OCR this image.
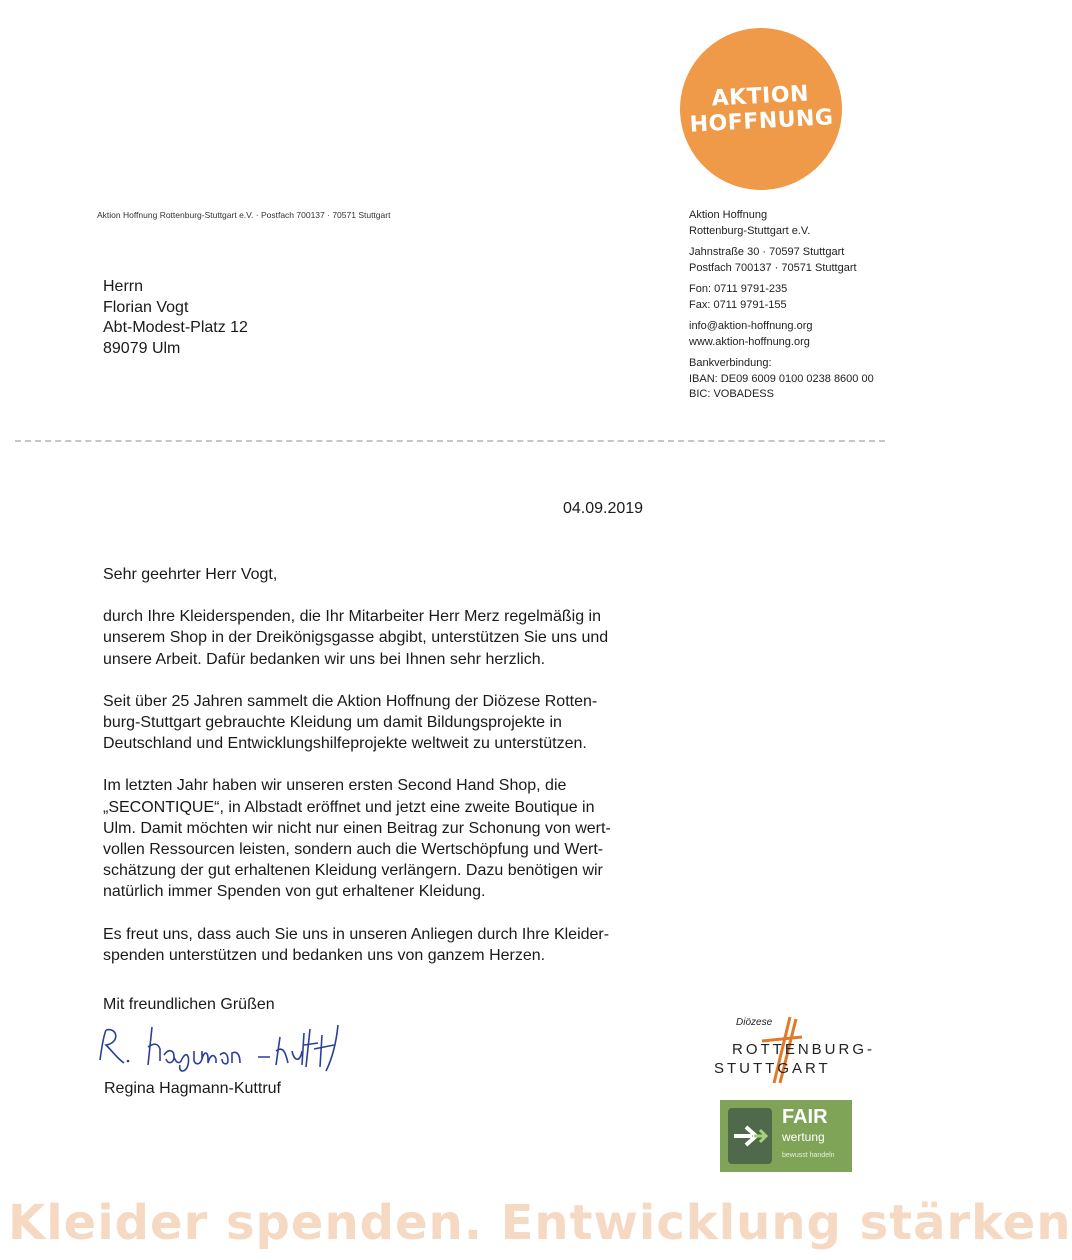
AKTION
HOFFNUNG
Aktion Hoffnung Rottenburg-Stuttgart e.V. · Postfach 700137 · 70571 Stuttgart
Herrn
Florian Vogt
Abt-Modest-Platz 12
89079 Ulm
Aktion Hoffnung
Rottenburg-Stuttgart e.V.
Jahnstraße 30 · 70597 Stuttgart
Postfach 700137 · 70571 Stuttgart
Fon: 0711 9791-235
Fax: 0711 9791-155
info@aktion-hoffnung.org
www.aktion-hoffnung.org
Bankverbindung:
IBAN: DE09 6009 0100 0238 8600 00
BIC: VOBADESS
04.09.2019

Sehr geehrter Herr Vogt,

durch Ihre Kleiderspenden, die Ihr Mitarbeiter Herr Merz regelmäßig in
unserem Shop in der Dreikönigsgasse abgibt, unterstützen Sie uns und
unsere Arbeit. Dafür bedanken wir uns bei Ihnen sehr herzlich.

Seit über 25 Jahren sammelt die Aktion Hoffnung der Diözese Rotten-
burg-Stuttgart gebrauchte Kleidung um damit Bildungsprojekte in
Deutschland und Entwicklungshilfeprojekte weltweit zu unterstützen.

Im letzten Jahr haben wir unseren ersten Second Hand Shop, die
„SECONTIQUE“, in Albstadt eröffnet und jetzt eine zweite Boutique in
Ulm. Damit möchten wir nicht nur einen Beitrag zur Schonung von wert-
vollen Ressourcen leisten, sondern auch die Wertschöpfung und Wert-
schätzung der gut erhaltenen Kleidung verlängern. Dazu benötigen wir
natürlich immer Spenden von gut erhaltener Kleidung.

Es freut uns, dass auch Sie uns in unseren Anliegen durch Ihre Kleider-
spenden unterstützen und bedanken uns von ganzem Herzen.

Mit freundlichen Grüßen
Regina Hagmann-Kuttruf
Diözese
ROTTENBURG-
STUTTGART
FAIR
wertung
bewusst handeln
Kleider spenden. Entwicklung stärken
